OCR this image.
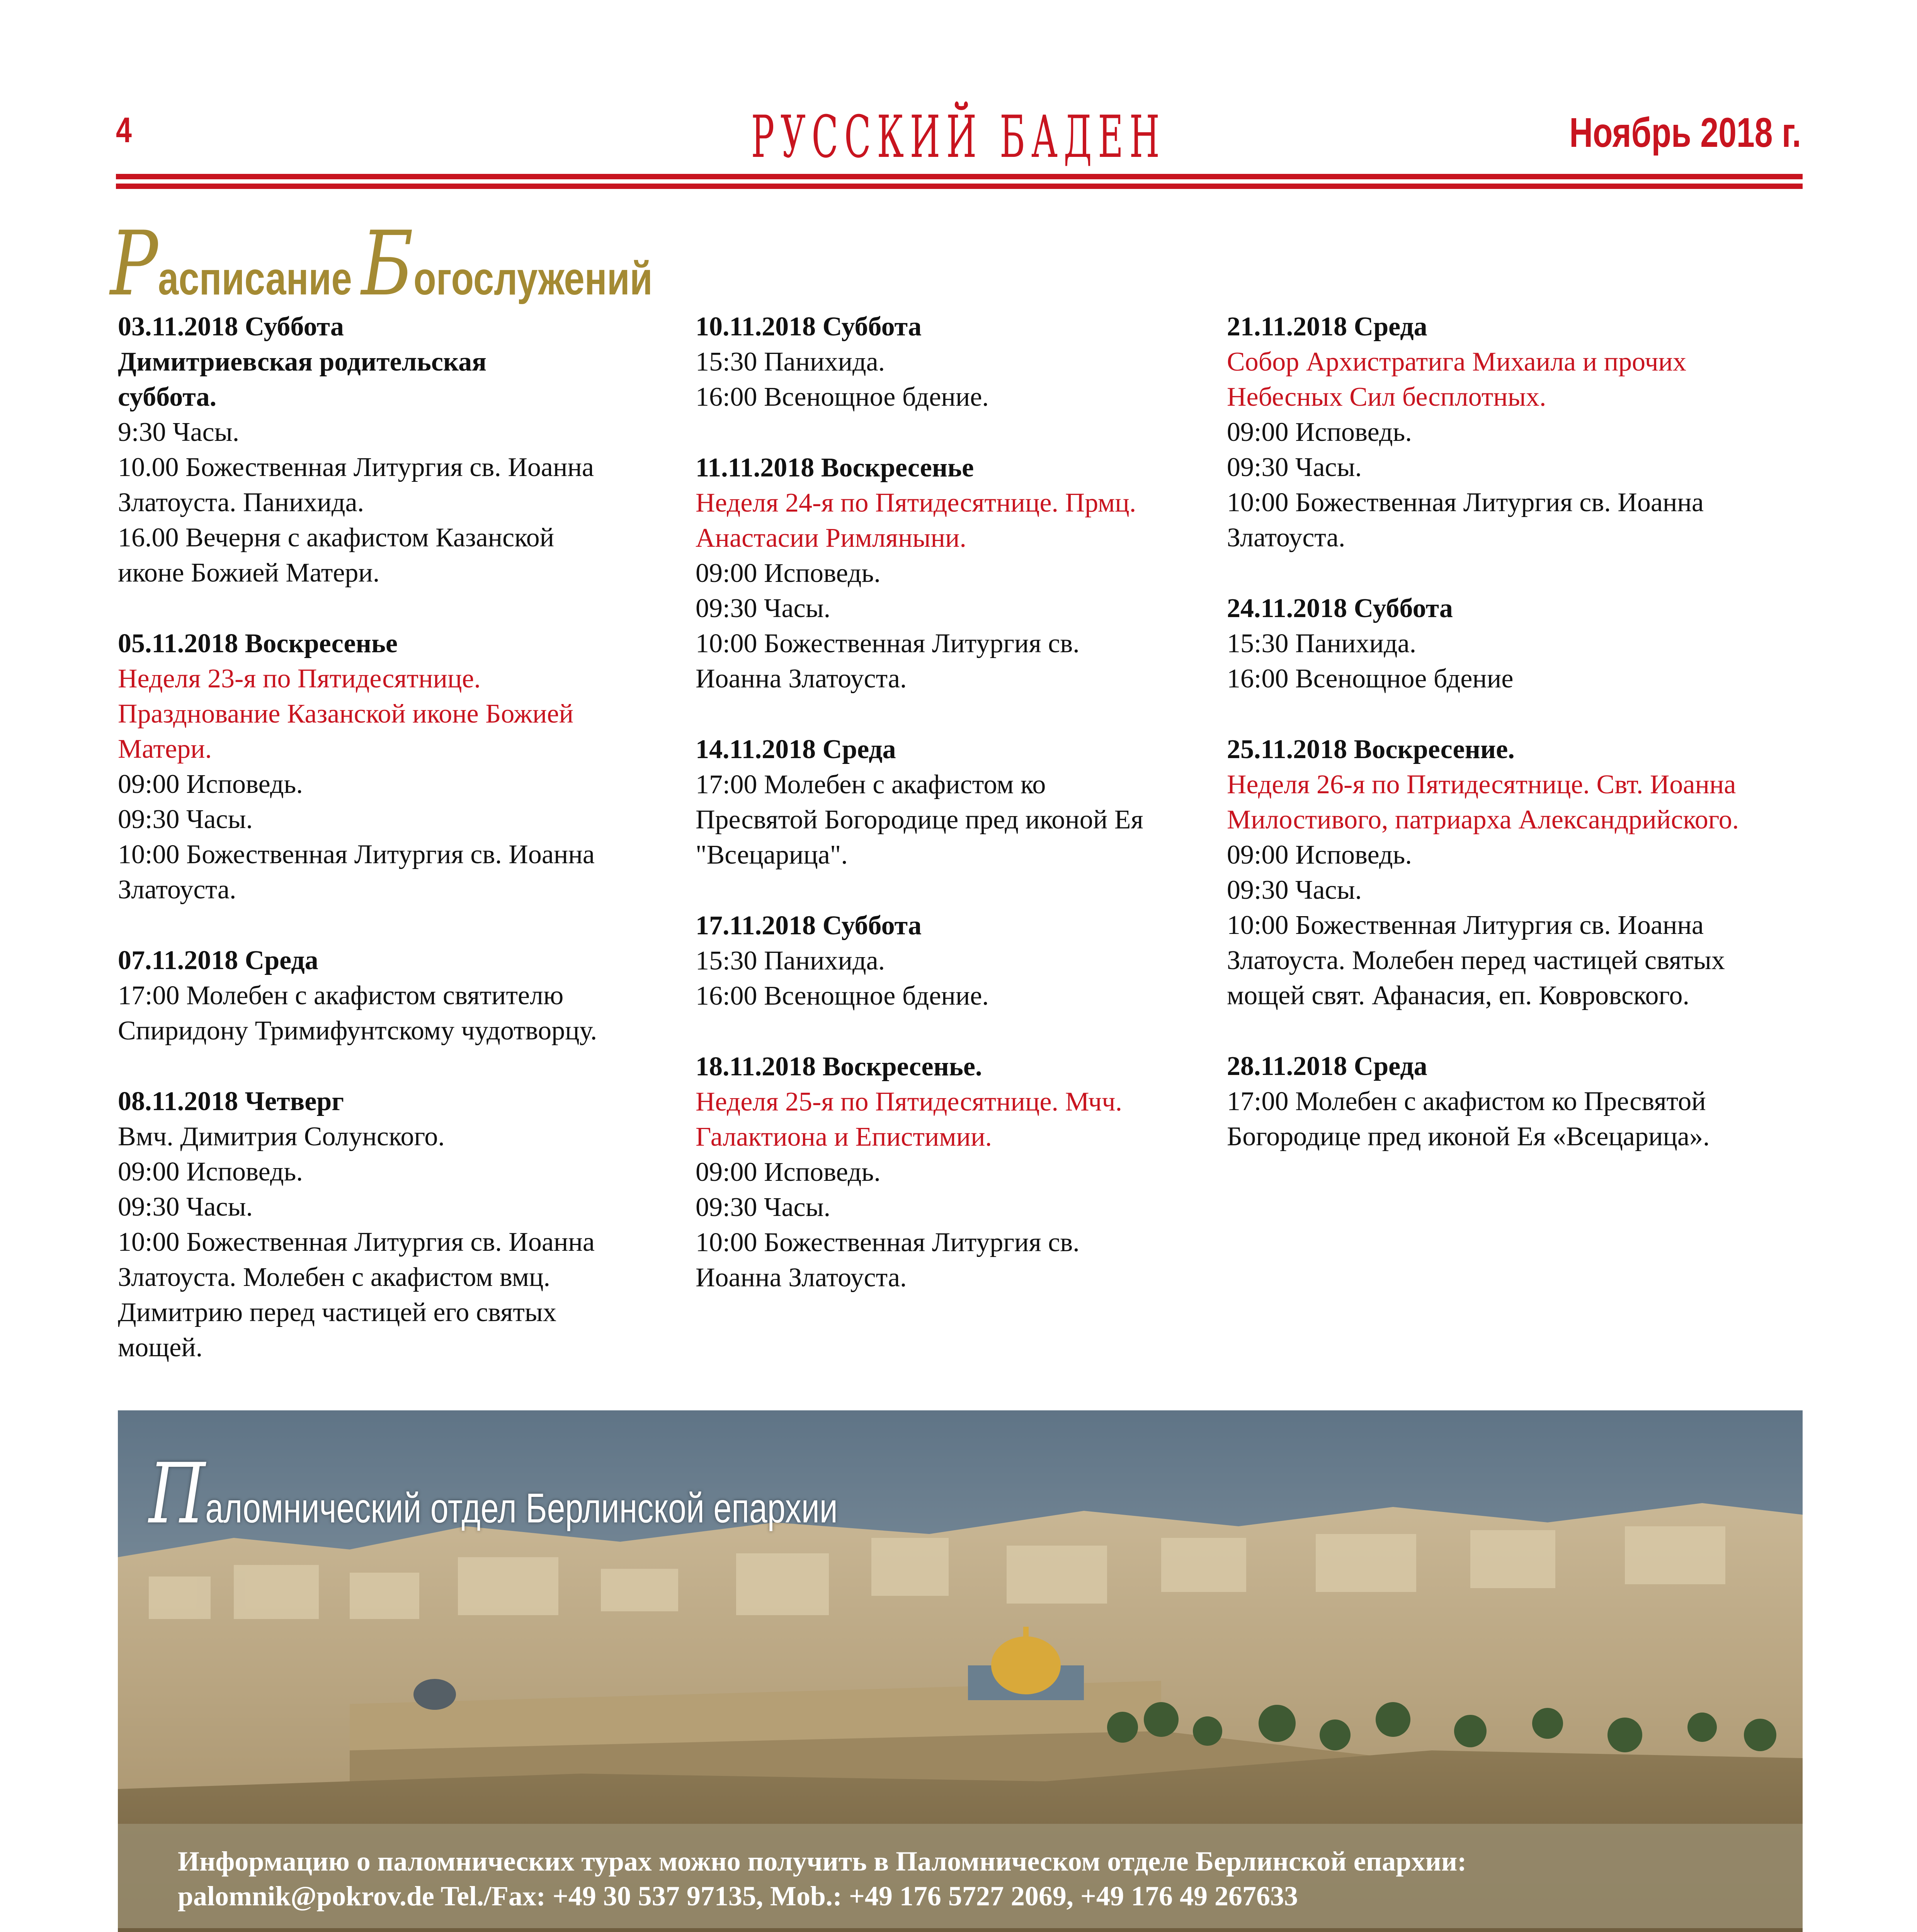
4	РУССКИЙ БАДЕН	Ноябрь 2018 г.
Расписание Богослужений
03.11.2018 Суббота
Димитриевская родительская
суббота.
9:30 Часы.
10.00 Божественная Литургия св. Иоанна
Златоуста. Панихида.
16.00 Вечерня с акафистом Казанской
иконе Божией Матери.
05.11.2018 Воскресенье
Неделя 23-я по Пятидесятнице.
Празднование Казанской иконе Божией
Матери.
09:00 Исповедь.
09:30 Часы.
10:00 Божественная Литургия св. Иоанна
Златоуста.
07.11.2018 Среда
17:00 Молебен с акафистом святителю
Спиридону Тримифунтскому чудотворцу.
08.11.2018 Четверг
Вмч. Димитрия Солунского.
09:00 Исповедь.
09:30 Часы.
10:00 Божественная Литургия св. Иоанна
Златоуста. Молебен с акафистом вмц.
Димитрию перед частицей его святых
мощей.
10.11.2018 Суббота
15:30 Панихида.
16:00 Всенощное бдение.
11.11.2018 Воскресенье
Неделя 24-я по Пятидесятнице. Прмц.
Анастасии Римляныни.
09:00 Исповедь.
09:30 Часы.
10:00 Божественная Литургия св.
Иоанна Златоуста.
14.11.2018 Среда
17:00 Молебен с акафистом ко
Пресвятой Богородице пред иконой Ея
"Всецарица".
17.11.2018 Суббота
15:30 Панихида.
16:00 Всенощное бдение.
18.11.2018 Воскресенье.
Неделя 25-я по Пятидесятнице. Мчч.
Галактиона и Епистимии.
09:00 Исповедь.
09:30 Часы.
10:00 Божественная Литургия св.
Иоанна Златоуста.
21.11.2018 Среда
Собор Архистратига Михаила и прочих
Небесных Сил бесплотных.
09:00 Исповедь.
09:30 Часы.
10:00 Божественная Литургия св. Иоанна
Златоуста.
24.11.2018 Суббота
15:30 Панихида.
16:00 Всенощное бдение
25.11.2018 Воскресение.
Неделя 26-я по Пятидесятнице. Свт. Иоанна
Милостивого, патриарха Александрийского.
09:00 Исповедь.
09:30 Часы.
10:00 Божественная Литургия св. Иоанна
Златоуста. Молебен перед частицей святых
мощей свят. Афанасия, еп. Ковровского.
28.11.2018 Среда
17:00 Молебен с акафистом ко Пресвятой
Богородице пред иконой Ея «Всецарица».
Паломнический отдел Берлинской епархии
Информацию о паломнических турах можно получить в Паломническом отделе Берлинской епархии:
palomnik@pokrov.de Tel./Fax: +49 30 537 97135, Mob.: +49 176 5727 2069, +49 176 49 267633
